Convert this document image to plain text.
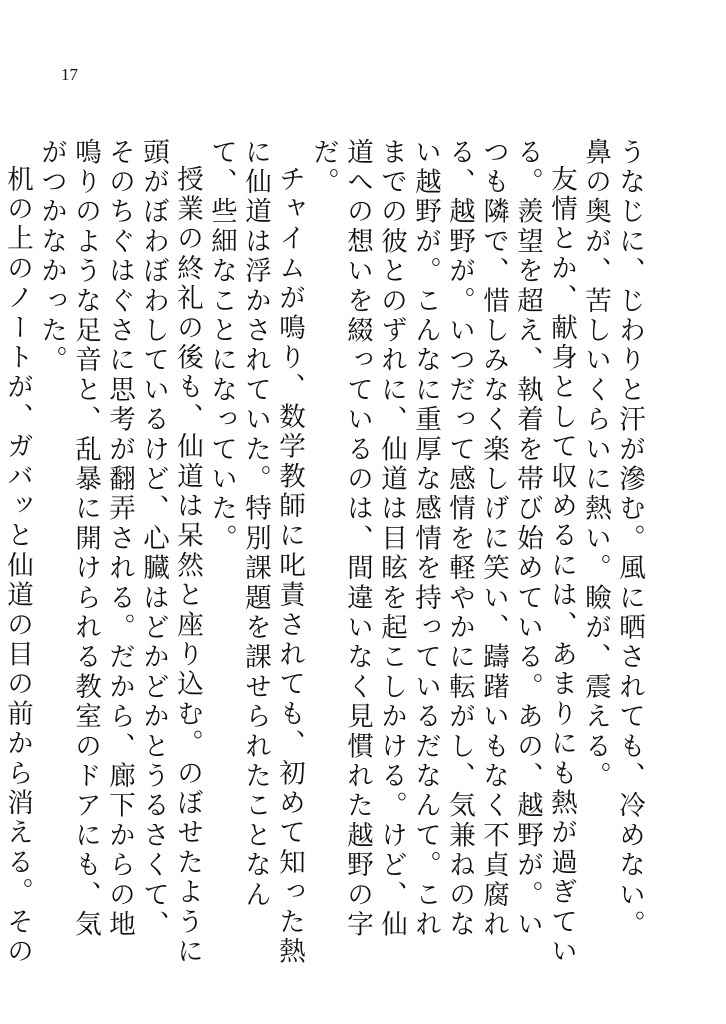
17

うなじに、じわりと汗が滲む。風に晒されても、冷めない。鼻の奥が、苦しいくらいに熱い。瞼が、震える。

友情とか、献身として収めるには、あまりにも熱が過ぎている。羨望を超え、執着を帯び始めている。あの、越野が。いつも隣で、惜しみなく楽しげに笑い、躊躇いもなく不貞腐れる、越野が。いつだって感情を軽やかに転がし、気兼ねのない越野が。こんなに重厚な感情を持っているだなんて。これまでの彼とのずれに、仙道は目眩を起こしかける。けど、仙道への想いを綴っているのは、間違いなく見慣れた越野の字だ。

チャイムが鳴り、数学教師に叱責されても、初めて知った熱に仙道は浮かされていた。特別課題を課せられたことなんて、些細なことになっていた。

授業の終礼の後も、仙道は呆然と座り込む。のぼせたように頭がぼわぼわしているけど、心臓はどかどかとうるさくて、そのちぐはぐさに思考が翻弄される。だから、廊下からの地鳴りのような足音と、乱暴に開けられる教室のドアにも、気がつかなかった。

机の上のノートが、ガバッと仙道の目の前から消える。その
